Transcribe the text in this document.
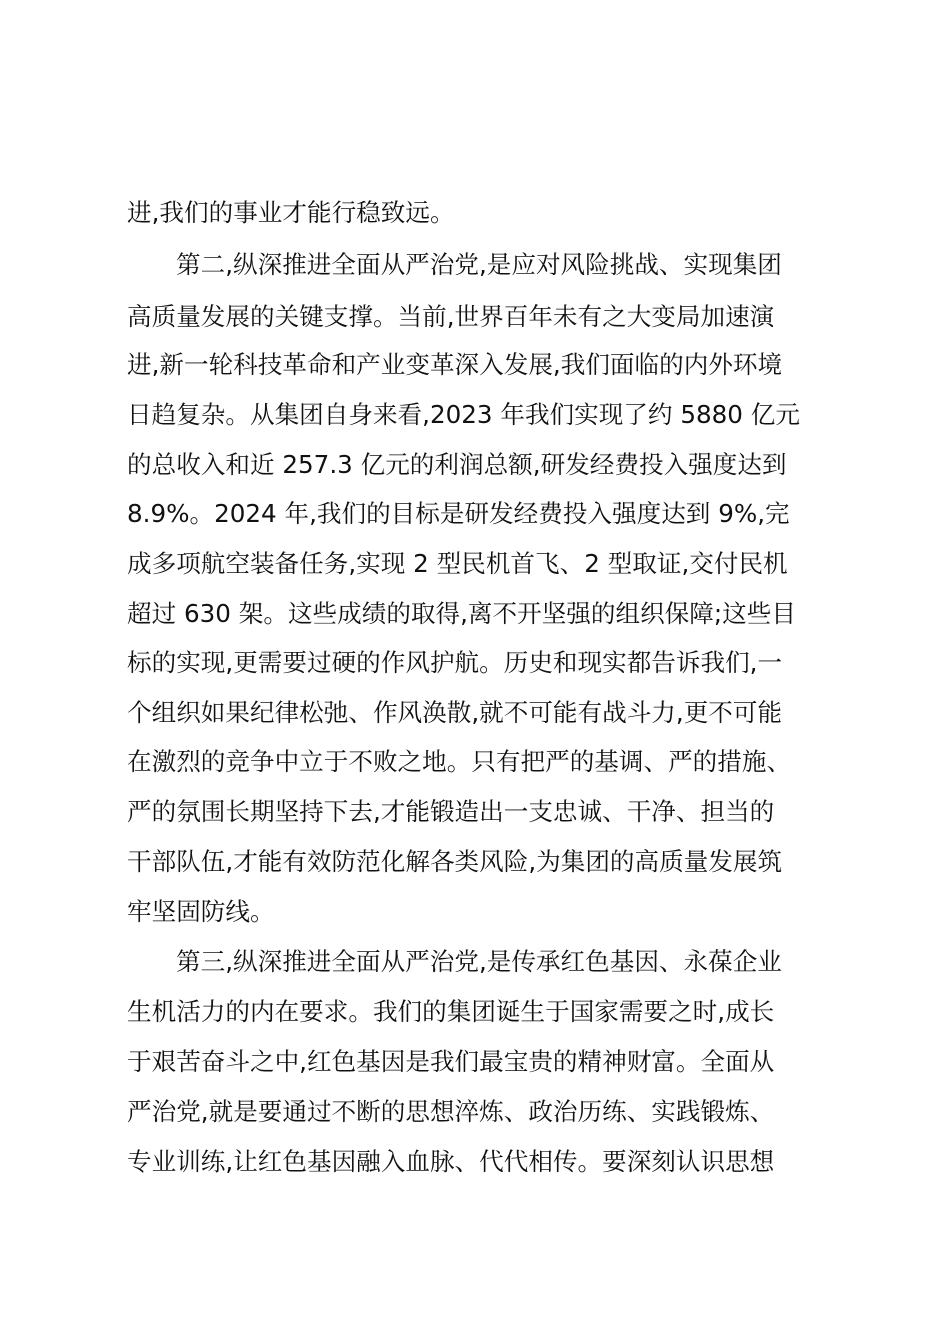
进,我们的事业才能行稳致远。

第二,纵深推进全面从严治党,是应对风险挑战、实现集团

高质量发展的关键支撑。当前,世界百年未有之大变局加速演

进,新一轮科技革命和产业变革深入发展,我们面临的内外环境

日趋复杂。从集团自身来看,2023 年我们实现了约 5880 亿元

的总收入和近 257.3 亿元的利润总额,研发经费投入强度达到

8.9%。2024 年,我们的目标是研发经费投入强度达到 9%,完

成多项航空装备任务,实现 2 型民机首飞、2 型取证,交付民机

超过 630 架。这些成绩的取得,离不开坚强的组织保障;这些目

标的实现,更需要过硬的作风护航。历史和现实都告诉我们,一

个组织如果纪律松弛、作风涣散,就不可能有战斗力,更不可能

在激烈的竞争中立于不败之地。只有把严的基调、严的措施、

严的氛围长期坚持下去,才能锻造出一支忠诚、干净、担当的

干部队伍,才能有效防范化解各类风险,为集团的高质量发展筑

牢坚固防线。

第三,纵深推进全面从严治党,是传承红色基因、永葆企业

生机活力的内在要求。我们的集团诞生于国家需要之时,成长

于艰苦奋斗之中,红色基因是我们最宝贵的精神财富。全面从

严治党,就是要通过不断的思想淬炼、政治历练、实践锻炼、

专业训练,让红色基因融入血脉、代代相传。要深刻认识思想
